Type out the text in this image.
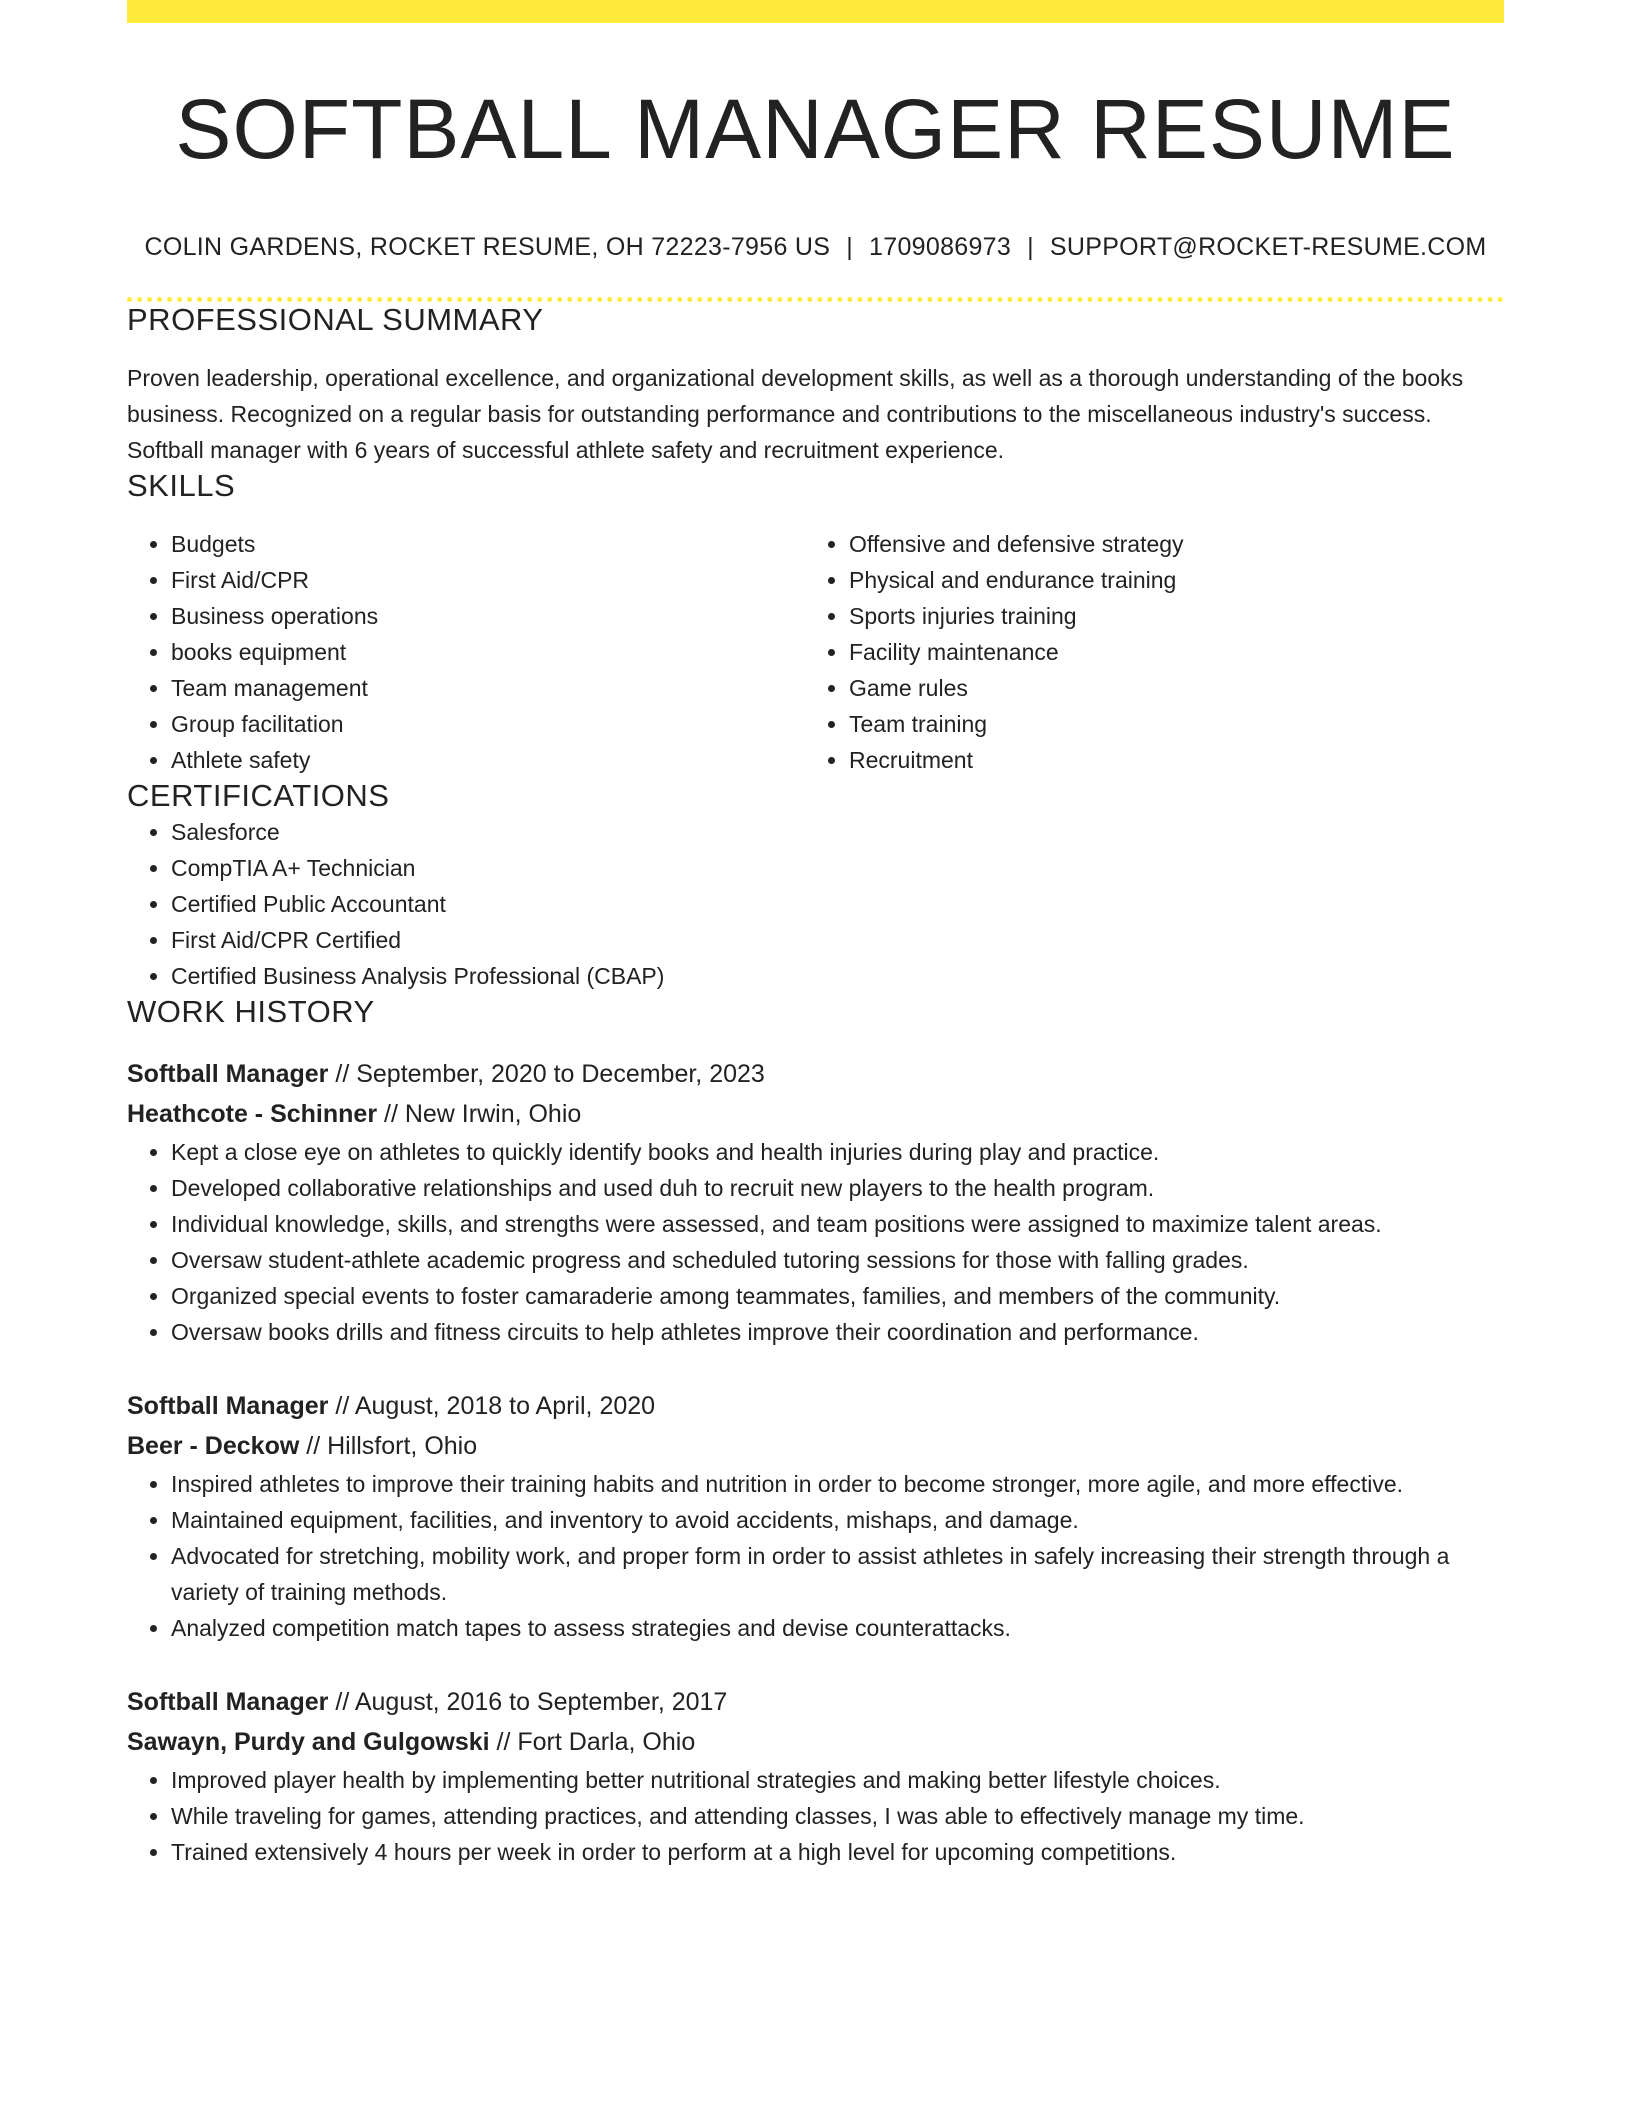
SOFTBALL MANAGER RESUME
COLIN GARDENS, ROCKET RESUME, OH 72223-7956 US | 1709086973 | SUPPORT@ROCKET-RESUME.COM
PROFESSIONAL SUMMARY

Proven leadership, operational excellence, and organizational development skills, as well as a thorough understanding of the books business. Recognized on a regular basis for outstanding performance and contributions to the miscellaneous industry's success. Softball manager with 6 years of successful athlete safety and recruitment experience.

SKILLS
• Budgets
• First Aid/CPR
• Business operations
• books equipment
• Team management
• Group facilitation
• Athlete safety
• Offensive and defensive strategy
• Physical and endurance training
• Sports injuries training
• Facility maintenance
• Game rules
• Team training
• Recruitment
CERTIFICATIONS
• Salesforce
• CompTIA A+ Technician
• Certified Public Accountant
• First Aid/CPR Certified
• Certified Business Analysis Professional (CBAP)
WORK HISTORY
Softball Manager // September, 2020 to December, 2023
Heathcote - Schinner // New Irwin, Ohio
• Kept a close eye on athletes to quickly identify books and health injuries during play and practice.
• Developed collaborative relationships and used duh to recruit new players to the health program.
• Individual knowledge, skills, and strengths were assessed, and team positions were assigned to maximize talent areas.
• Oversaw student-athlete academic progress and scheduled tutoring sessions for those with falling grades.
• Organized special events to foster camaraderie among teammates, families, and members of the community.
• Oversaw books drills and fitness circuits to help athletes improve their coordination and performance.
Softball Manager // August, 2018 to April, 2020
Beer - Deckow // Hillsfort, Ohio
• Inspired athletes to improve their training habits and nutrition in order to become stronger, more agile, and more effective.
• Maintained equipment, facilities, and inventory to avoid accidents, mishaps, and damage.
• Advocated for stretching, mobility work, and proper form in order to assist athletes in safely increasing their strength through a variety of training methods.
• Analyzed competition match tapes to assess strategies and devise counterattacks.
Softball Manager // August, 2016 to September, 2017
Sawayn, Purdy and Gulgowski // Fort Darla, Ohio
• Improved player health by implementing better nutritional strategies and making better lifestyle choices.
• While traveling for games, attending practices, and attending classes, I was able to effectively manage my time.
• Trained extensively 4 hours per week in order to perform at a high level for upcoming competitions.
